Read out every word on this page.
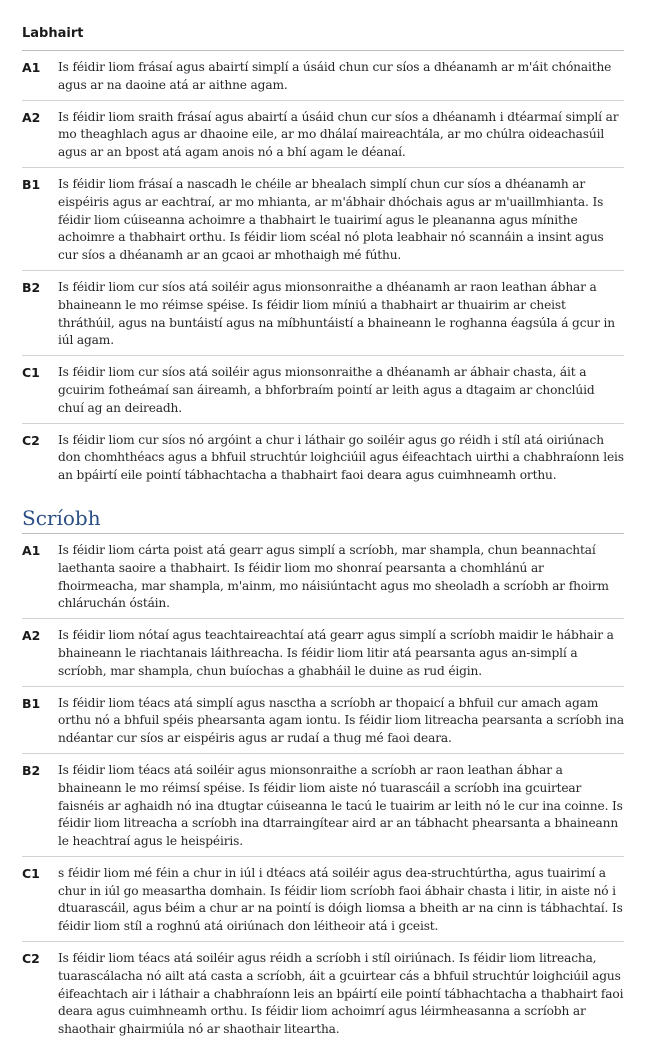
Labhairt
A1	Is féidir liom frásaí agus abairtí simplí a úsáid chun cur síos a dhéanamh ar m'áit chónaithe agus ar na daoine atá ar aithne agam.
A2	Is féidir liom sraith frásaí agus abairtí a úsáid chun cur síos a dhéanamh i dtéarmaí simplí ar mo theaghlach agus ar dhaoine eile, ar mo dhálaí maireachtála, ar mo chúlra oideachasúil agus ar an bpost atá agam anois nó a bhí agam le déanaí.
B1	Is féidir liom frásaí a nascadh le chéile ar bhealach simplí chun cur síos a dhéanamh ar eispéiris agus ar eachtraí, ar mo mhianta, ar m'ábhair dhóchais agus ar m'uaillmhianta. Is féidir liom cúiseanna achoimre a thabhairt le tuairimí agus le pleananna agus mínithe achoimre a thabhairt orthu. Is féidir liom scéal nó plota leabhair nó scannáin a insint agus cur síos a dhéanamh ar an gcaoi ar mhothaigh mé fúthu.
B2	Is féidir liom cur síos atá soiléir agus mionsonraithe a dhéanamh ar raon leathan ábhar a bhaineann le mo réimse spéise. Is féidir liom míniú a thabhairt ar thuairim ar cheist thráthúil, agus na buntáistí agus na míbhuntáistí a bhaineann le roghanna éagsúla á gcur in iúl agam.
C1	Is féidir liom cur síos atá soiléir agus mionsonraithe a dhéanamh ar ábhair chasta, áit a gcuirim fotheámaí san áireamh, a bhforbraím pointí ar leith agus a dtagaim ar chonclúid chuí ag an deireadh.
C2	Is féidir liom cur síos nó argóint a chur i láthair go soiléir agus go réidh i stíl atá oiriúnach don chomhthéacs agus a bhfuil struchtúr loighciúil agus éifeachtach uirthi a chabhraíonn leis an bpáirtí eile pointí tábhachtacha a thabhairt faoi deara agus cuimhneamh orthu.
Scríobh
A1	Is féidir liom cárta poist atá gearr agus simplí a scríobh, mar shampla, chun beannachtaí laethanta saoire a thabhairt. Is féidir liom mo shonraí pearsanta a chomhlánú ar fhoirmeacha, mar shampla, m'ainm, mo náisiúntacht agus mo sheoladh a scríobh ar fhoirm chláruchán óstáin.
A2	Is féidir liom nótaí agus teachtaireachtaí atá gearr agus simplí a scríobh maidir le hábhair a bhaineann le riachtanais láithreacha. Is féidir liom litir atá pearsanta agus an-simplí a scríobh, mar shampla, chun buíochas a ghabháil le duine as rud éigin.
B1	Is féidir liom téacs atá simplí agus nasctha a scríobh ar thopaicí a bhfuil cur amach agam orthu nó a bhfuil spéis phearsanta agam iontu. Is féidir liom litreacha pearsanta a scríobh ina ndéantar cur síos ar eispéiris agus ar rudaí a thug mé faoi deara.
B2	Is féidir liom téacs atá soiléir agus mionsonraithe a scríobh ar raon leathan ábhar a bhaineann le mo réimsí spéise. Is féidir liom aiste nó tuarascáil a scríobh ina gcuirtear faisnéis ar aghaidh nó ina dtugtar cúiseanna le tacú le tuairim ar leith nó le cur ina coinne. Is féidir liom litreacha a scríobh ina dtarraingítear aird ar an tábhacht phearsanta a bhaineann le heachtraí agus le heispéiris.
C1	s féidir liom mé féin a chur in iúl i dtéacs atá soiléir agus dea-struchtúrtha, agus tuairimí a chur in iúl go measartha domhain. Is féidir liom scríobh faoi ábhair chasta i litir, in aiste nó i dtuarascáil, agus béim a chur ar na pointí is dóigh liomsa a bheith ar na cinn is tábhachtaí. Is féidir liom stíl a roghnú atá oiriúnach don léitheoir atá i gceist.
C2	Is féidir liom téacs atá soiléir agus réidh a scríobh i stíl oiriúnach. Is féidir liom litreacha, tuarascálacha nó ailt atá casta a scríobh, áit a gcuirtear cás a bhfuil struchtúr loighciúil agus éifeachtach air i láthair a chabhraíonn leis an bpáirtí eile pointí tábhachtacha a thabhairt faoi deara agus cuimhneamh orthu. Is féidir liom achoimrí agus léirmheasanna a scríobh ar shaothair ghairmiúla nó ar shaothair liteartha.
